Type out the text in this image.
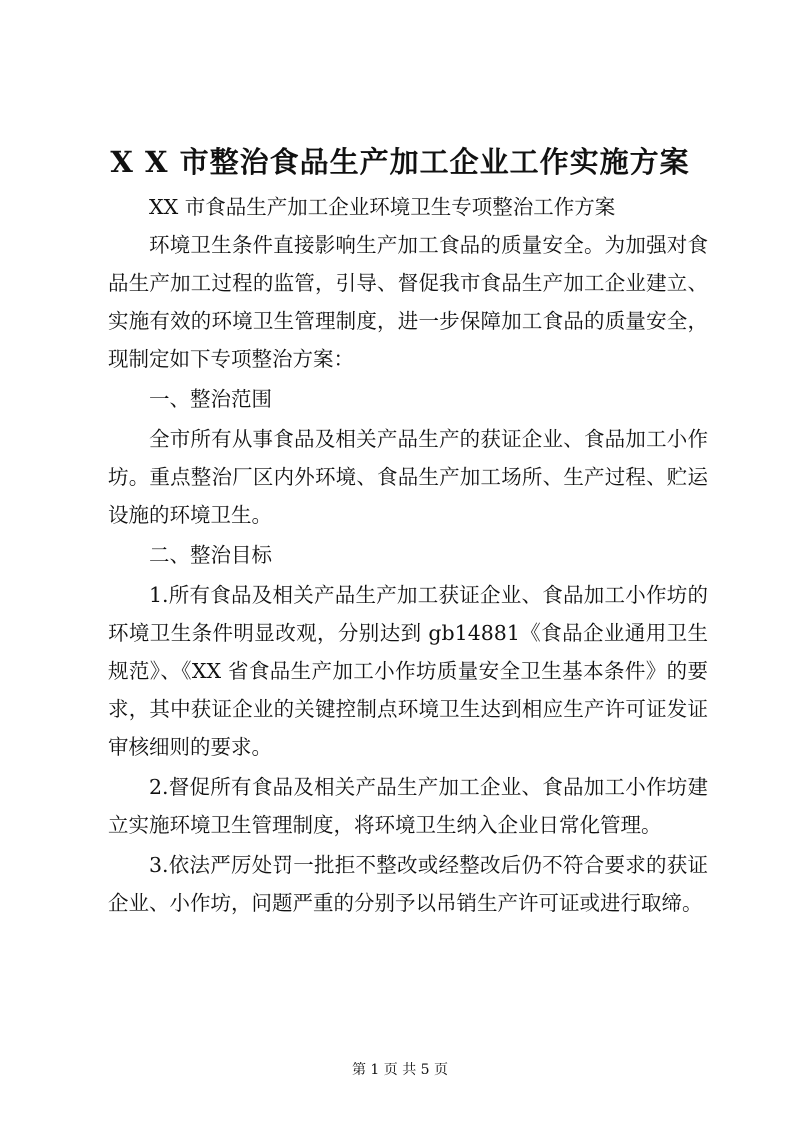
X X 市整治食品生产加工企业工作实施方案

XX 市食品生产加工企业环境卫生专项整治工作方案

环境卫生条件直接影响生产加工食品的质量安全。为加强对食品生产加工过程的监管，引导、督促我市食品生产加工企业建立、实施有效的环境卫生管理制度，进一步保障加工食品的质量安全，现制定如下专项整治方案：

一、整治范围

全市所有从事食品及相关产品生产的获证企业、食品加工小作坊。重点整治厂区内外环境、食品生产加工场所、生产过程、贮运设施的环境卫生。

二、整治目标

1.所有食品及相关产品生产加工获证企业、食品加工小作坊的环境卫生条件明显改观，分别达到 gb14881《食品企业通用卫生规范》、《XX 省食品生产加工小作坊质量安全卫生基本条件》的要求，其中获证企业的关键控制点环境卫生达到相应生产许可证发证审核细则的要求。

2.督促所有食品及相关产品生产加工企业、食品加工小作坊建立实施环境卫生管理制度，将环境卫生纳入企业日常化管理。

3.依法严厉处罚一批拒不整改或经整改后仍不符合要求的获证企业、小作坊，问题严重的分别予以吊销生产许可证或进行取缔。

第 1 页 共 5 页
